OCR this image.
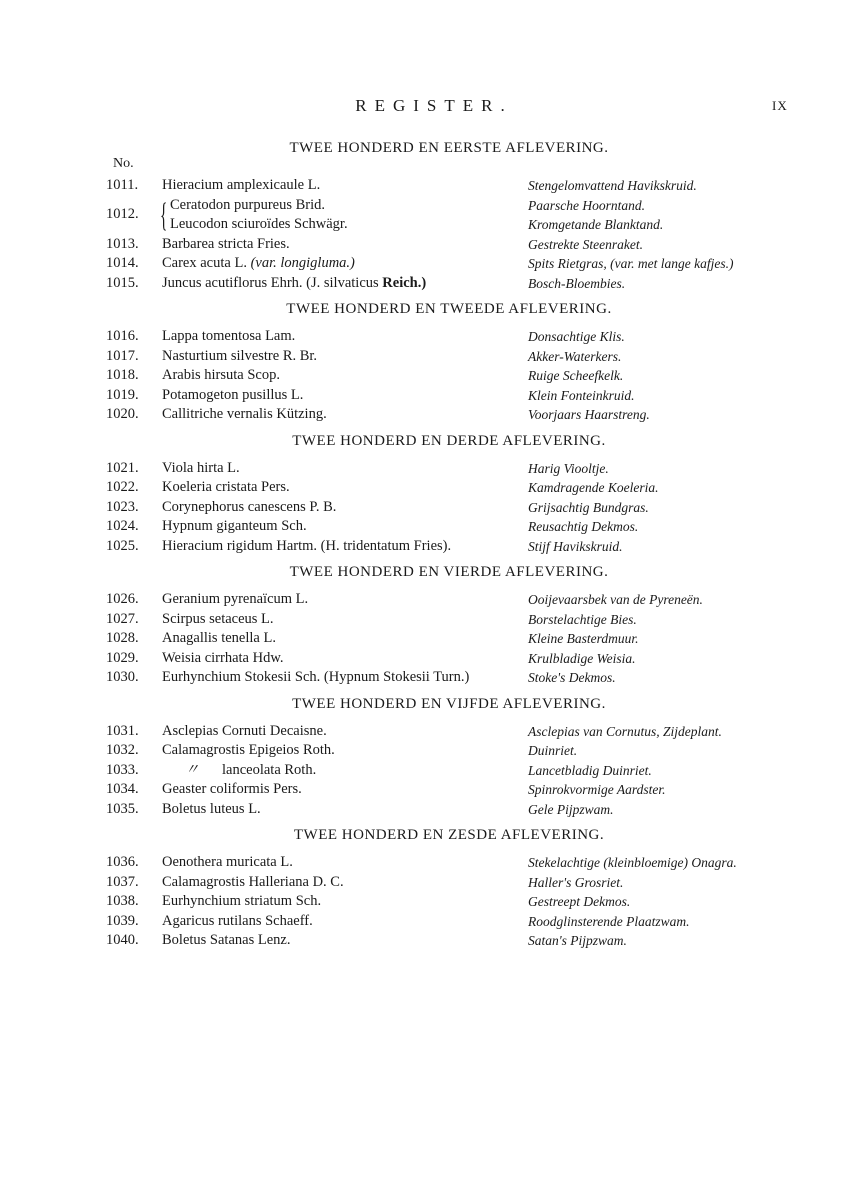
REGISTER.	IX
No.
TWEE HONDERD EN EERSTE AFLEVERING.
1011.	Hieracium amplexicaule L.	Stengelomvattend Havikskruid.
1012. { Ceratodon purpureus Brid.	Paarsche Hoorntand.
Leucodon sciuroïdes Schwägr.	Kromgetande Blanktand.
1013.	Barbarea stricta Fries.	Gestrekte Steenraket.
1014.	Carex acuta L. (var. longigluma.)	Spits Rietgras, (var. met lange kafjes.)
1015.	Juncus acutiflorus Ehrh. (J. silvaticus Reich.)	Bosch-Bloembies.
TWEE HONDERD EN TWEEDE AFLEVERING.
1016.	Lappa tomentosa Lam.	Donsachtige Klis.
1017.	Nasturtium silvestre R. Br.	Akker-Waterkers.
1018.	Arabis hirsuta Scop.	Ruige Scheefkelk.
1019.	Potamogeton pusillus L.	Klein Fonteinkruid.
1020.	Callitriche vernalis Kützing.	Voorjaars Haarstreng.
TWEE HONDERD EN DERDE AFLEVERING.
1021.	Viola hirta L.	Harig Viooltje.
1022.	Koeleria cristata Pers.	Kamdragende Koeleria.
1023.	Corynephorus canescens P. B.	Grijsachtig Bundgras.
1024.	Hypnum giganteum Sch.	Reusachtig Dekmos.
1025.	Hieracium rigidum Hartm. (H. tridentatum Fries).	Stijf Havikskruid.
TWEE HONDERD EN VIERDE AFLEVERING.
1026.	Geranium pyrenaïcum L.	Ooijevaarsbek van de Pyreneën.
1027.	Scirpus setaceus L.	Borstelachtige Bies.
1028.	Anagallis tenella L.	Kleine Basterdmuur.
1029.	Weisia cirrhata Hdw.	Krulbladige Weisia.
1030.	Eurhynchium Stokesii Sch. (Hypnum Stokesii Turn.)	Stoke's Dekmos.
TWEE HONDERD EN VIJFDE AFLEVERING.
1031.	Asclepias Cornuti Decaisne.	Asclepias van Cornutus, Zijdeplant.
1032.	Calamagrostis Epigeios Roth.	Duinriet.
1033.	〃 lanceolata Roth.	Lancetbladig Duinriet.
1034.	Geaster coliformis Pers.	Spinrokvormige Aardster.
1035.	Boletus luteus L.	Gele Pijpzwam.
TWEE HONDERD EN ZESDE AFLEVERING.
1036.	Oenothera muricata L.	Stekelachtige (kleinbloemige) Onagra.
1037.	Calamagrostis Halleriana D. C.	Haller's Grosriet.
1038.	Eurhynchium striatum Sch.	Gestreept Dekmos.
1039.	Agaricus rutilans Schaeff.	Roodglinsterende Plaatzwam.
1040.	Boletus Satanas Lenz.	Satan's Pijpzwam.
